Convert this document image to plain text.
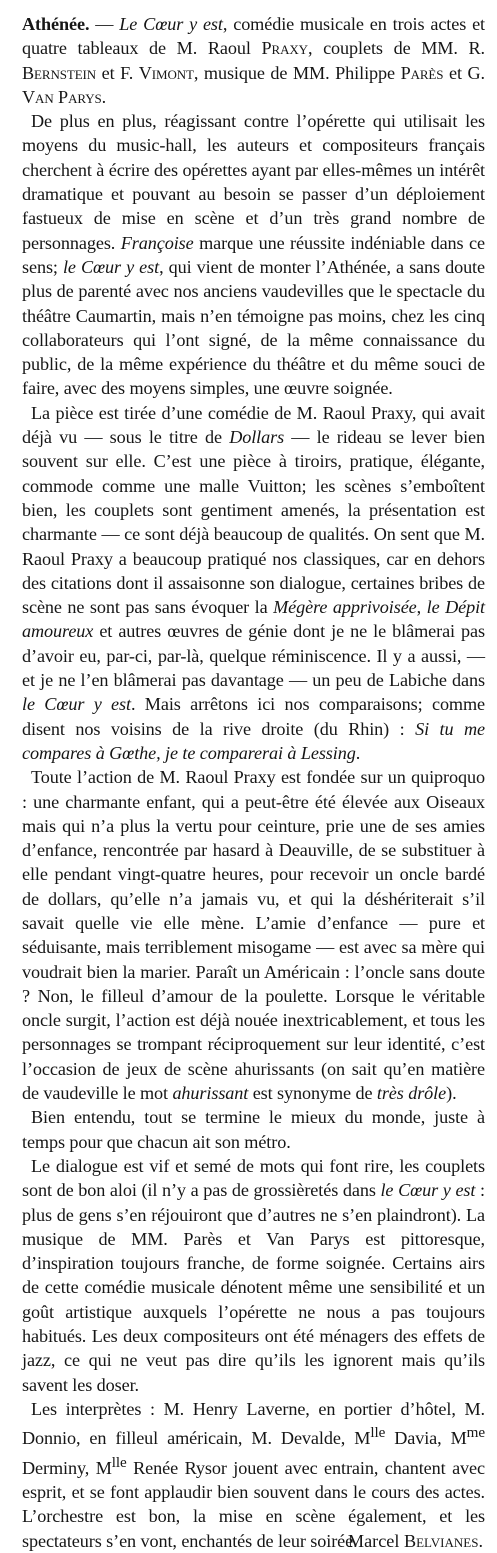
Athénée. — Le Cœur y est, comédie musicale en trois actes et quatre tableaux de M. Raoul Praxy, couplets de MM. R. Bernstein et F. Vimont, musique de MM. Philippe Parès et G. Van Parys.

De plus en plus, réagissant contre l’opérette qui utilisait les moyens du music-hall, les auteurs et compositeurs français cherchent à écrire des opérettes ayant par elles-mêmes un intérêt dramatique et pouvant au besoin se passer d’un déploiement fastueux de mise en scène et d’un très grand nombre de personnages. Françoise marque une réussite indéniable dans ce sens; le Cœur y est, qui vient de monter l’Athénée, a sans doute plus de parenté avec nos anciens vaudevilles que le spectacle du théâtre Caumartin, mais n’en témoigne pas moins, chez les cinq collaborateurs qui l’ont signé, de la même connaissance du public, de la même expérience du théâtre et du même souci de faire, avec des moyens simples, une œuvre soignée.

La pièce est tirée d’une comédie de M. Raoul Praxy, qui avait déjà vu — sous le titre de Dollars — le rideau se lever bien souvent sur elle. C’est une pièce à tiroirs, pratique, élégante, commode comme une malle Vuitton; les scènes s’emboîtent bien, les couplets sont gentiment amenés, la présentation est charmante — ce sont déjà beaucoup de qualités. On sent que M. Raoul Praxy a beaucoup pratiqué nos classiques, car en dehors des citations dont il assaisonne son dialogue, certaines bribes de scène ne sont pas sans évoquer la Mégère apprivoisée, le Dépit amoureux et autres œuvres de génie dont je ne le blâmerai pas d’avoir eu, par-ci, par-là, quelque réminiscence. Il y a aussi, — et je ne l’en blâmerai pas davantage — un peu de Labiche dans le Cœur y est. Mais arrêtons ici nos comparaisons; comme disent nos voisins de la rive droite (du Rhin) : Si tu me compares à Gœthe, je te comparerai à Lessing.

Toute l’action de M. Raoul Praxy est fondée sur un quiproquo : une charmante enfant, qui a peut-être été élevée aux Oiseaux mais qui n’a plus la vertu pour ceinture, prie une de ses amies d’enfance, rencontrée par hasard à Deauville, de se substituer à elle pendant vingt-quatre heures, pour recevoir un oncle bardé de dollars, qu’elle n’a jamais vu, et qui la déshériterait s’il savait quelle vie elle mène. L’amie d’enfance — pure et séduisante, mais terriblement misogame — est avec sa mère qui voudrait bien la marier. Paraît un Américain : l’oncle sans doute ? Non, le filleul d’amour de la poulette. Lorsque le véritable oncle surgit, l’action est déjà nouée inextricablement, et tous les personnages se trompant réciproquement sur leur identité, c’est l’occasion de jeux de scène ahurissants (on sait qu’en matière de vaudeville le mot ahurissant est synonyme de très drôle).

Bien entendu, tout se termine le mieux du monde, juste à temps pour que chacun ait son métro.

Le dialogue est vif et semé de mots qui font rire, les couplets sont de bon aloi (il n’y a pas de grossièretés dans le Cœur y est : plus de gens s’en réjouiront que d’autres ne s’en plaindront). La musique de MM. Parès et Van Parys est pittoresque, d’inspiration toujours franche, de forme soignée. Certains airs de cette comédie musicale dénotent même une sensibilité et un goût artistique auxquels l’opérette ne nous a pas toujours habitués. Les deux compositeurs ont été ménagers des effets de jazz, ce qui ne veut pas dire qu’ils les ignorent mais qu’ils savent les doser.

Les interprètes : M. Henry Laverne, en portier d’hôtel, M. Donnio, en filleul américain, M. Devalde, $M^{lle}$ Davia, $M^{me}$ Derminy, $M^{lle}$ Renée Rysor jouent avec entrain, chantent avec esprit, et se font applaudir bien souvent dans le cours des actes. L’orchestre est bon, la mise en scène également, et les spectateurs s’en vont, enchantés de leur soirée.

Marcel Belvianes.
